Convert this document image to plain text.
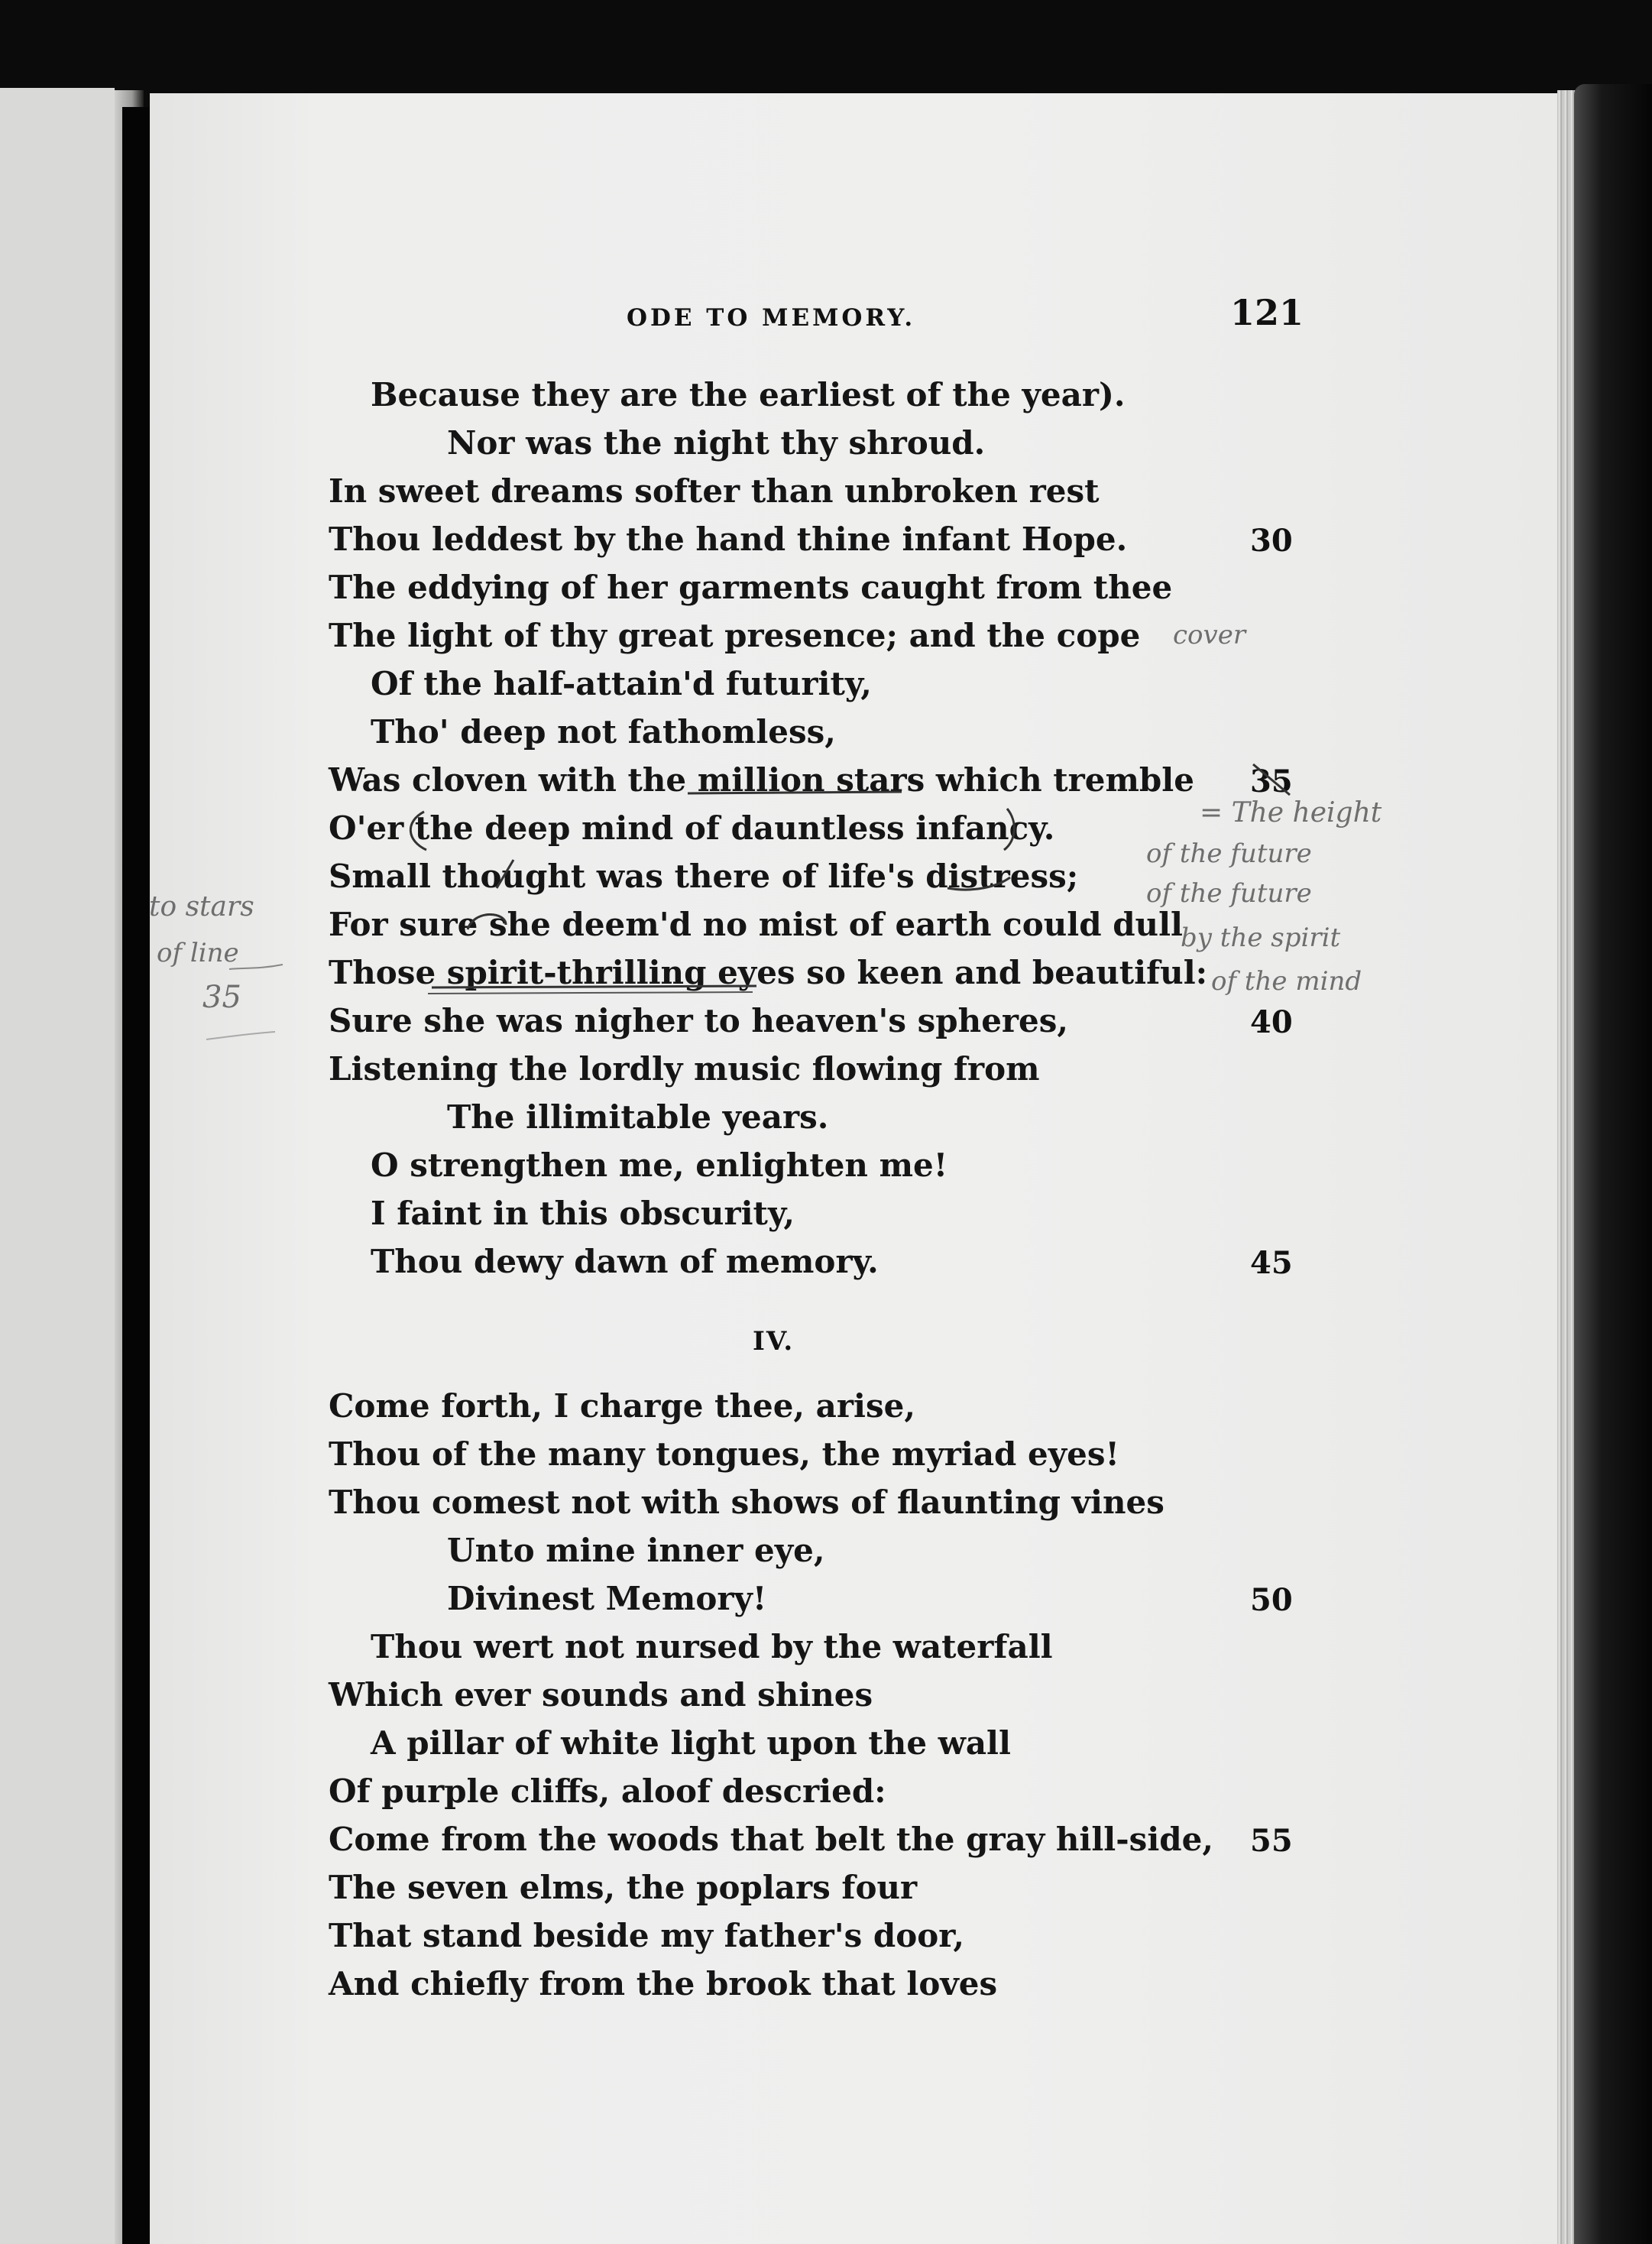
ODE TO MEMORY.	121
Because they are the earliest of the year).
Nor was the night thy shroud.
In sweet dreams softer than unbroken rest
Thou leddest by the hand thine infant Hope.
The eddying of her garments caught from thee
The light of thy great presence; and the cope
Of the half-attain'd futurity,
Tho' deep not fathomless,
Was cloven with the million stars which tremble
O'er the deep mind of dauntless infancy.
Small thought was there of life's distress;
For sure she deem'd no mist of earth could dull
Those spirit-thrilling eyes so keen and beautiful:
Sure she was nigher to heaven's spheres,
Listening the lordly music flowing from
The illimitable years.
O strengthen me, enlighten me!
I faint in this obscurity,
Thou dewy dawn of memory.
IV.
Come forth, I charge thee, arise,
Thou of the many tongues, the myriad eyes!
Thou comest not with shows of flaunting vines
Unto mine inner eye,
Divinest Memory!
Thou wert not nursed by the waterfall
Which ever sounds and shines
A pillar of white light upon the wall
Of purple cliffs, aloof descried:
Come from the woods that belt the gray hill-side,
The seven elms, the poplars four
That stand beside my father's door,
And chiefly from the brook that loves
30
35
40
45
50
55
cover
= The height
of the future
of the future
by the spirit
of the mind
to stars
of line
35
